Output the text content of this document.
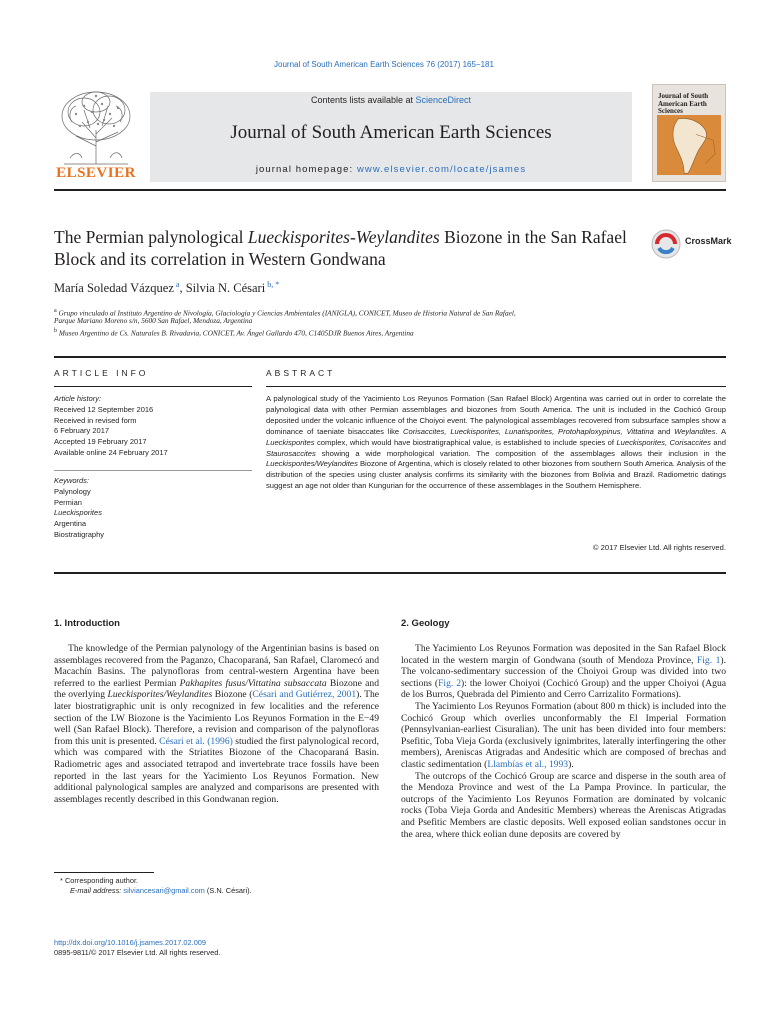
Journal of South American Earth Sciences 76 (2017) 165−181
ELSEVIER
Contents lists available at ScienceDirect
Journal of South American Earth Sciences
journal homepage: www.elsevier.com/locate/jsames
Journal of South American Earth Sciences
The Permian palynological Lueckisporites-Weylandites Biozone in the San Rafael Block and its correlation in Western Gondwana
CrossMark
María Soledad Vázquez $^a$, Silvia N. Césari $^{b, *}$
$^a$ Grupo vinculado al Instituto Argentino de Nivología, Glaciología y Ciencias Ambientales (IANIGLA), CONICET, Museo de Historia Natural de San Rafael,
Parque Mariano Moreno s/n, 5600 San Rafael, Mendoza, Argentina
$^b$ Museo Argentino de Cs. Naturales B. Rivadavia, CONICET, Av. Ángel Gallardo 470, C1405DJR Buenos Aires, Argentina
ARTICLE INFO	ABSTRACT
Article history:
Received 12 September 2016
Received in revised form
6 February 2017
Accepted 19 February 2017
Available online 24 February 2017
Keywords:
Palynology
Permian
Lueckisporites
Argentina
Biostratigraphy
A palynological study of the Yacimiento Los Reyunos Formation (San Rafael Block) Argentina was carried out in order to correlate the palynological data with other Permian assemblages and biozones from South America. The unit is included in the Cochicó Group deposited under the volcanic influence of the Choiyoi event. The palynological assemblages recovered from subsurface samples show a dominance of taeniate bisaccates like Corisaccites, Lueckisporites, Lunatisporites, Protohaploxypinus, Vittatina and Weylandites. A Lueckisporites complex, which would have biostratigraphical value, is established to include species of Lueckisporites, Corisaccites and Staurosaccites showing a wide morphological variation. The composition of the assemblages allows their inclusion in the Lueckisporites/Weylandites Biozone of Argentina, which is closely related to other biozones from southern South America. Analysis of the distribution of the species using cluster analysis confirms its similarity with the biozones from Bolivia and Brazil. Radiometric datings suggest an age not older than Kungurian for the occurrence of these assemblages in the Southern Hemisphere.
© 2017 Elsevier Ltd. All rights reserved.
1. Introduction

The knowledge of the Permian palynology of the Argentinian basins is based on assemblages recovered from the Paganzo, Chacoparaná, San Rafael, Claromecó and Macachín Basins. The palynofloras from central-western Argentina have been referred to the earliest Permian Pakhapites fusus/Vittatina subsaccata Biozone and the overlying Lueckisporites/Weylandites Biozone (Césari and Gutiérrez, 2001). The later biostratigraphic unit is only recognized in few localities and the reference section of the LW Biozone is the Yacimiento Los Reyunos Formation in the E−49 well (San Rafael Block). Therefore, a revision and comparison of the palynofloras from this unit is presented. Césari et al. (1996) studied the first palynological record, which was compared with the Striatites Biozone of the Chacoparaná Basin. Radiometric ages and associated tetrapod and invertebrate trace fossils have been reported in the last years for the Yacimiento Los Reyunos Formation. New additional palynological samples are analyzed and comparisons are presented with assemblages recently described in this Gondwanan region.

2. Geology

The Yacimiento Los Reyunos Formation was deposited in the San Rafael Block located in the western margin of Gondwana (south of Mendoza Province, Fig. 1). The volcano-sedimentary succession of the Choiyoi Group was divided into two sections (Fig. 2): the lower Choiyoi (Cochicó Group) and the upper Choiyoi (Agua de los Burros, Quebrada del Pimiento and Cerro Carrizalito Formations).

The Yacimiento Los Reyunos Formation (about 800 m thick) is included into the Cochicó Group which overlies unconformably the El Imperial Formation (Pennsylvanian-earliest Cisuralian). The unit has been divided into four members: Psefitic, Toba Vieja Gorda (exclusively ignimbrites, laterally interfingering the other members), Areniscas Atigradas and Andesitic which are composed of brechas and clastic sedimentation (Llambías et al., 1993).

The outcrops of the Cochicó Group are scarce and disperse in the south area of the Mendoza Province and west of the La Pampa Province. In particular, the outcrops of the Yacimiento Los Reyunos Formation are dominated by volcanic rocks (Toba Vieja Gorda and Andesitic Members) whereas the Areniscas Atigradas and Psefitic Members are clastic deposits. Well exposed eolian sandstones occur in the area, where thick eolian dune deposits are covered by

* Corresponding author.
E-mail address: silviancesari@gmail.com (S.N. Césari).
http://dx.doi.org/10.1016/j.jsames.2017.02.009
0895-9811/© 2017 Elsevier Ltd. All rights reserved.
